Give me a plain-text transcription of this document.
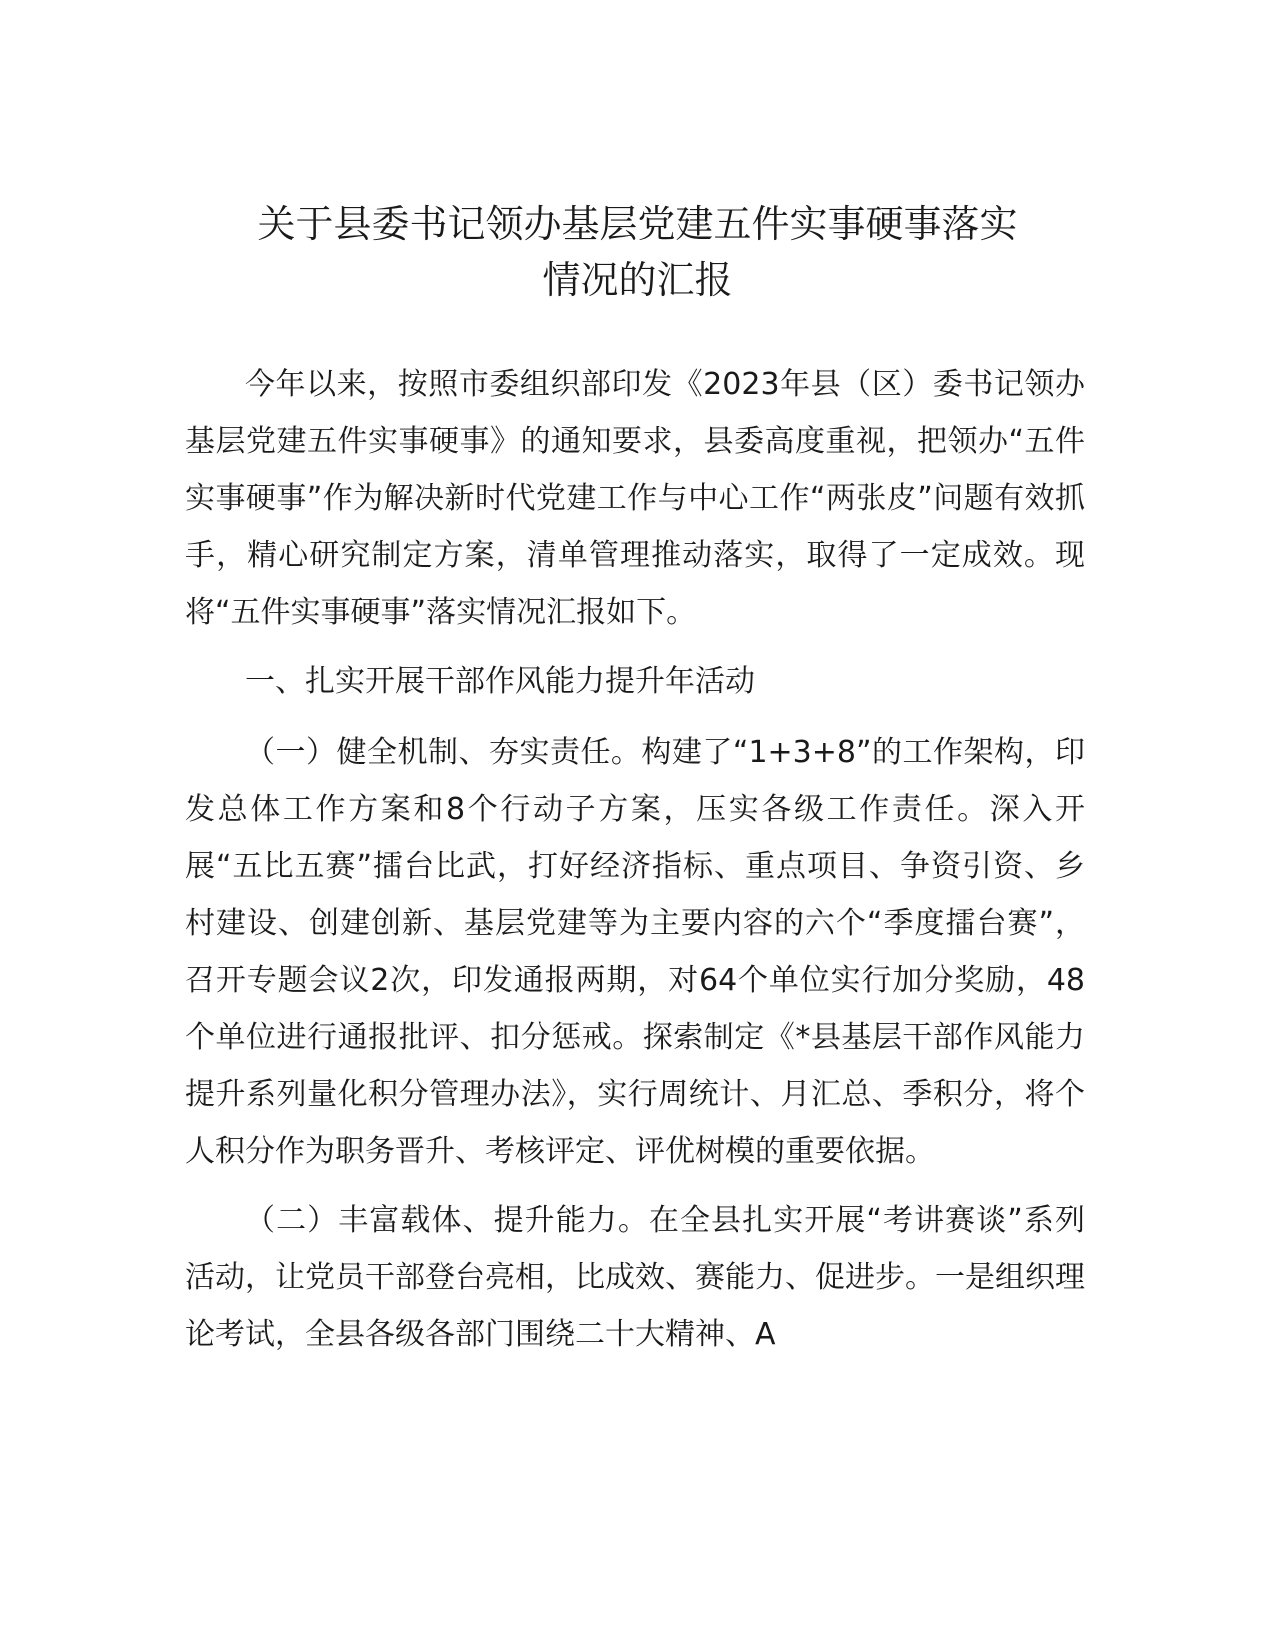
关于县委书记领办基层党建五件实事硬事落实
情况的汇报

今年以来，按照市委组织部印发《2023年县（区）委书记领办基层党建五件实事硬事》的通知要求，县委高度重视，把领办“五件实事硬事”作为解决新时代党建工作与中心工作“两张皮”问题有效抓手，精心研究制定方案，清单管理推动落实，取得了一定成效。现将“五件实事硬事”落实情况汇报如下。

一、扎实开展干部作风能力提升年活动

（一）健全机制、夯实责任。构建了“1+3+8”的工作架构，印发总体工作方案和8个行动子方案，压实各级工作责任。深入开展“五比五赛”擂台比武，打好经济指标、重点项目、争资引资、乡村建设、创建创新、基层党建等为主要内容的六个“季度擂台赛”，召开专题会议2次，印发通报两期，对64个单位实行加分奖励，48个单位进行通报批评、扣分惩戒。探索制定《*县基层干部作风能力提升系列量化积分管理办法》，实行周统计、月汇总、季积分，将个人积分作为职务晋升、考核评定、评优树模的重要依据。

（二）丰富载体、提升能力。在全县扎实开展“考讲赛谈”系列活动，让党员干部登台亮相，比成效、赛能力、促进步。一是组织理论考试，全县各级各部门围绕二十大精神、A
